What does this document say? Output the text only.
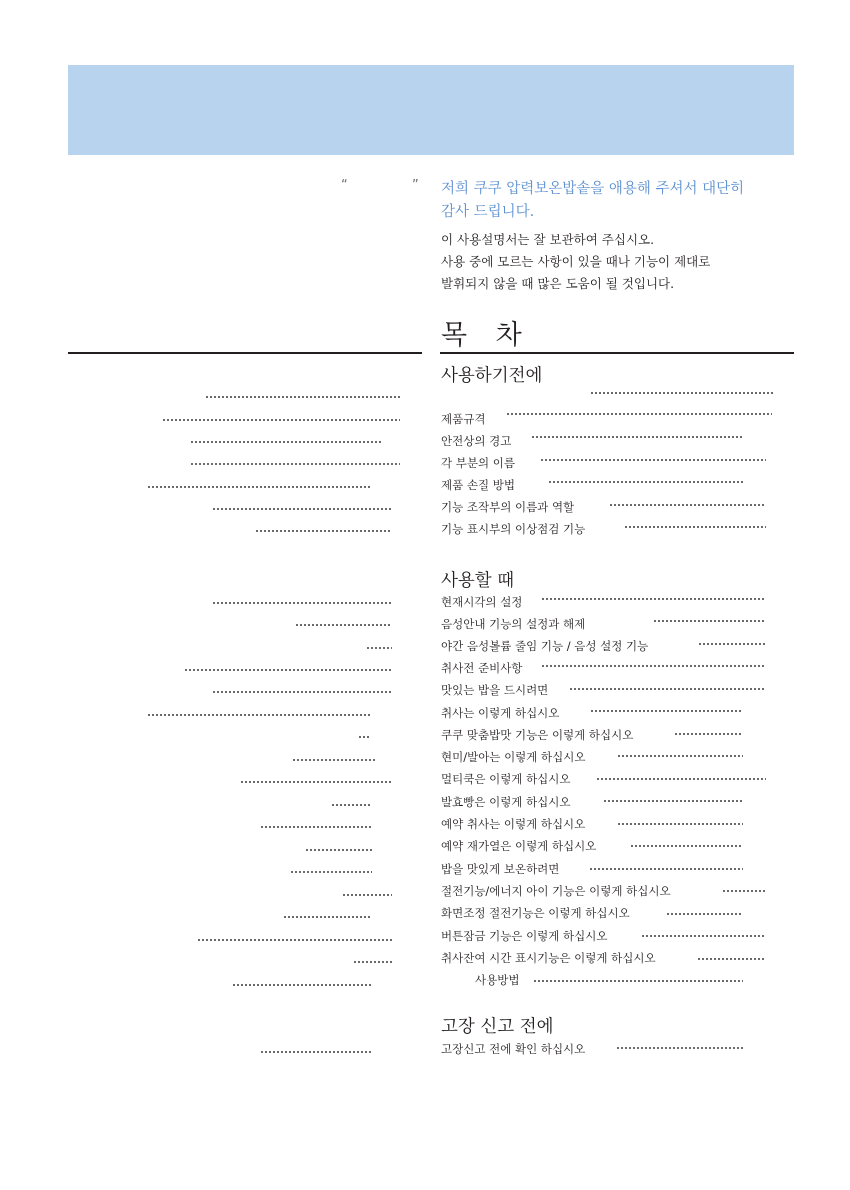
“	” 저희 쿠쿠 압력보온밥솥을 애용해 주셔서 대단히
감사 드립니다.
이 사용설명서는 잘 보관하여 주십시오.
사용 중에 모르는 사항이 있을 때나 기능이 제대로
발휘되지 않을 때 많은 도움이 될 것입니다.
목 차
사용하기전에
제품규격
안전상의 경고
각 부분의 이름
제품 손질 방법
기능 조작부의 이름과 역할
기능 표시부의 이상점검 기능
사용할 때
현재시각의 설정
음성안내 기능의 설정과 해제
야간 음성볼륨 줄임 기능 / 음성 설정 기능
취사전 준비사항
맛있는 밥을 드시려면
취사는 이렇게 하십시오
쿠쿠 맞춤밥맛 기능은 이렇게 하십시오
현미/발아는 이렇게 하십시오
멀티쿡은 이렇게 하십시오
발효빵은 이렇게 하십시오
예약 취사는 이렇게 하십시오
예약 재가열은 이렇게 하십시오
밥을 맛있게 보온하려면
절전기능/에너지 아이 기능은 이렇게 하십시오
화면조정 절전기능은 이렇게 하십시오
버튼잠금 기능은 이렇게 하십시오
취사잔여 시간 표시기능은 이렇게 하십시오
사용방법
고장 신고 전에
고장신고 전에 확인 하십시오
